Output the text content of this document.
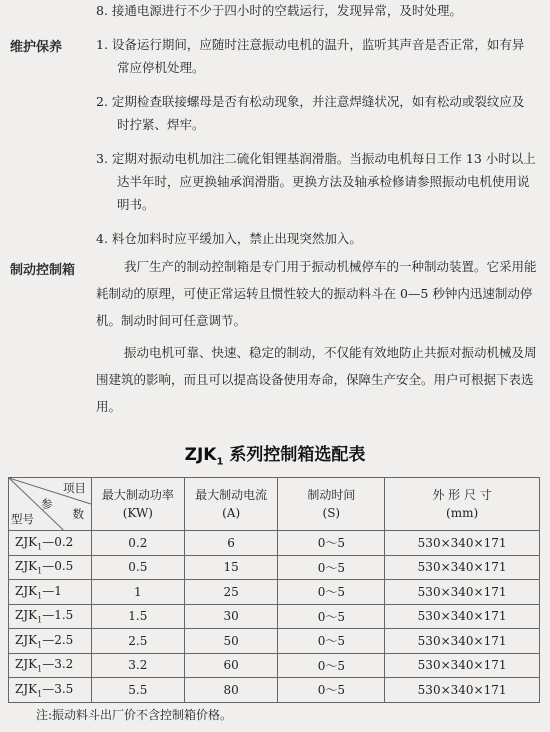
8. 接通电源进行不少于四小时的空载运行，发现异常，及时处理。
维护保养	1. 设备运行期间，应随时注意振动电机的温升，监听其声音是否正常，如有异
常应停机处理。
2. 定期检查联接螺母是否有松动现象，并注意焊缝状况，如有松动或裂纹应及
时拧紧、焊牢。
3. 定期对振动电机加注二硫化钼锂基润滑脂。当振动电机每日工作 13 小时以上
达半年时，应更换轴承润滑脂。更换方法及轴承检修请参照振动电机使用说
明书。
4. 料仓加料时应平缓加入，禁止出现突然加入。
制动控制箱	我厂生产的制动控制箱是专门用于振动机械停车的一种制动装置。它采用能
耗制动的原理，可使正常运转且惯性较大的振动料斗在 0—5 秒钟内迅速制动停
机。制动时间可任意调节。
振动电机可靠、快速、稳定的制动，不仅能有效地防止共振对振动机械及周
围建筑的影响，而且可以提高设备使用寿命，保障生产安全。用户可根据下表选
用。
$ZJK_1$ 系列控制箱选配表
项目
参
数
型号	最大制动功率
(KW)	最大制动电流
(A)	制动时间
(S)	外 形 尺 寸
(mm)
$ZJK_1—0.2$	0.2	6	0～5	530×340×171
$ZJK_1—0.5$	0.5	15	0～5	530×340×171
$ZJK_1—1$	1	25	0～5	530×340×171
$ZJK_1—1.5$	1.5	30	0～5	530×340×171
$ZJK_1—2.5$	2.5	50	0～5	530×340×171
$ZJK_1—3.2$	3.2	60	0～5	530×340×171
$ZJK_1—3.5$	5.5	80	0～5	530×340×171
注:振动料斗出厂价不含控制箱价格。
